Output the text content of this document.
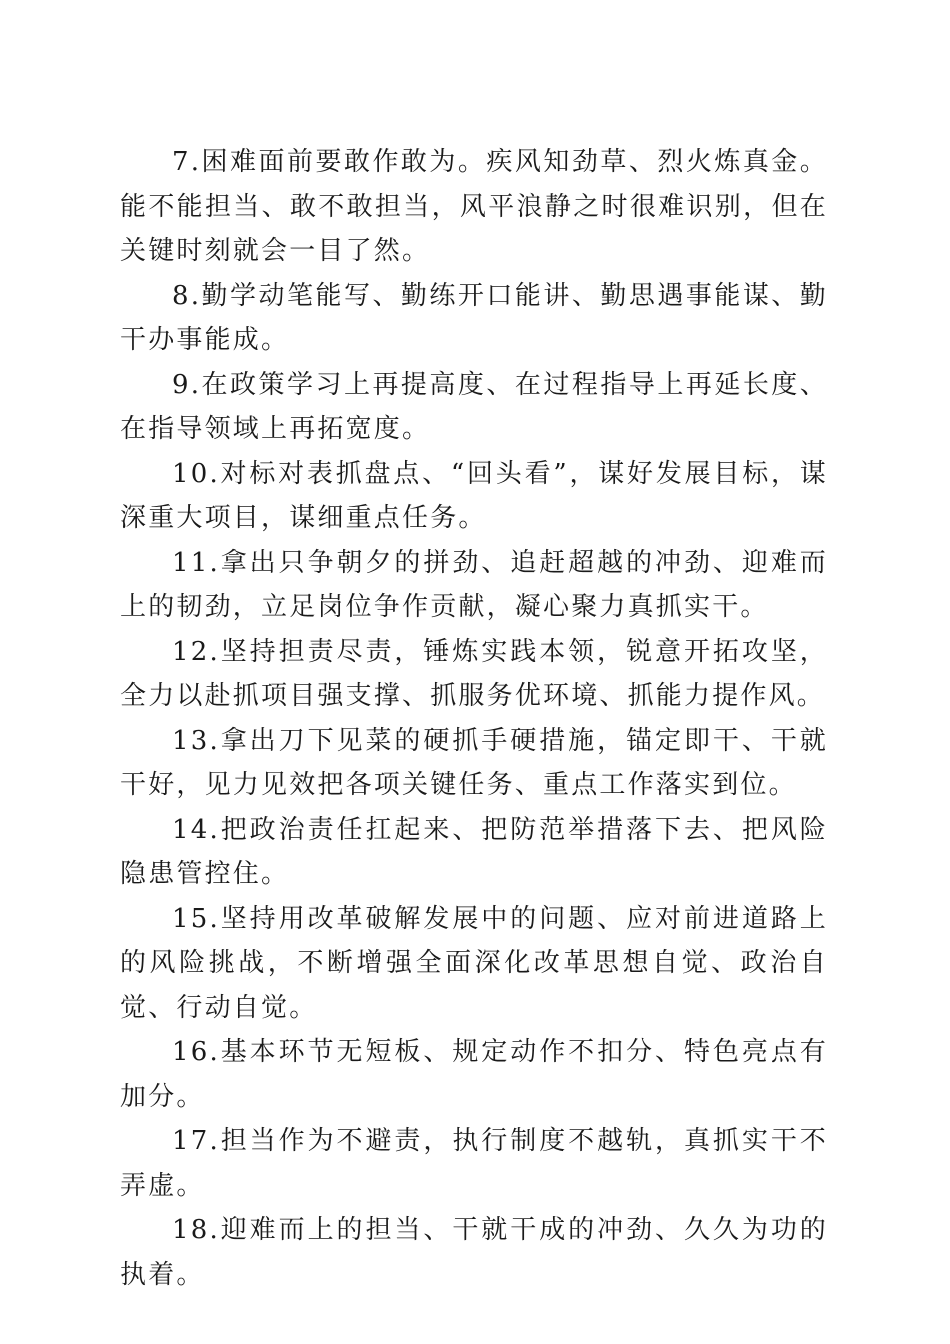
7.困难面前要敢作敢为。疾风知劲草、烈火炼真金。能不能担当、敢不敢担当，风平浪静之时很难识别，但在关键时刻就会一目了然。

8.勤学动笔能写、勤练开口能讲、勤思遇事能谋、勤干办事能成。

9.在政策学习上再提高度、在过程指导上再延长度、在指导领域上再拓宽度。

10.对标对表抓盘点、“回头看”，谋好发展目标，谋深重大项目，谋细重点任务。

11.拿出只争朝夕的拼劲、追赶超越的冲劲、迎难而上的韧劲，立足岗位争作贡献，凝心聚力真抓实干。

12.坚持担责尽责，锤炼实践本领，锐意开拓攻坚，全力以赴抓项目强支撑、抓服务优环境、抓能力提作风。

13.拿出刀下见菜的硬抓手硬措施，锚定即干、干就干好，见力见效把各项关键任务、重点工作落实到位。

14.把政治责任扛起来、把防范举措落下去、把风险隐患管控住。

15.坚持用改革破解发展中的问题、应对前进道路上的风险挑战，不断增强全面深化改革思想自觉、政治自觉、行动自觉。

16.基本环节无短板、规定动作不扣分、特色亮点有加分。

17.担当作为不避责，执行制度不越轨，真抓实干不弄虚。

18.迎难而上的担当、干就干成的冲劲、久久为功的执着。
